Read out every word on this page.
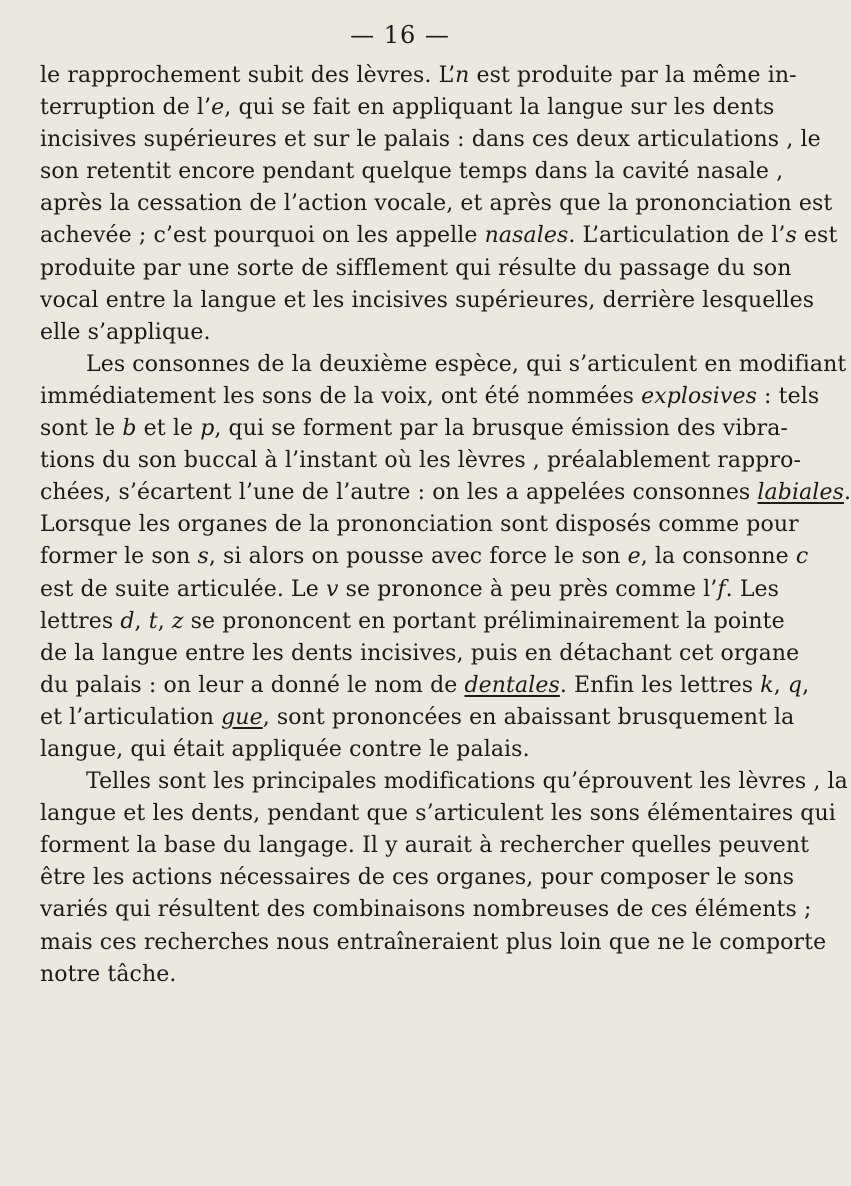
— 16 —
le rapprochement subit des lèvres. L’n est produite par la même in-
terruption de l’e, qui se fait en appliquant la langue sur les dents
incisives supérieures et sur le palais : dans ces deux articulations , le
son retentit encore pendant quelque temps dans la cavité nasale ,
après la cessation de l’action vocale, et après que la prononciation est
achevée ; c’est pourquoi on les appelle nasales. L’articulation de l’s est
produite par une sorte de sifflement qui résulte du passage du son
vocal entre la langue et les incisives supérieures, derrière lesquelles
elle s’applique.
Les consonnes de la deuxième espèce, qui s’articulent en modifiant
immédiatement les sons de la voix, ont été nommées explosives : tels
sont le b et le p, qui se forment par la brusque émission des vibra-
tions du son buccal à l’instant où les lèvres , préalablement rappro-
chées, s’écartent l’une de l’autre : on les a appelées consonnes labiales.
Lorsque les organes de la prononciation sont disposés comme pour
former le son s, si alors on pousse avec force le son e, la consonne c
est de suite articulée. Le v se prononce à peu près comme l’f. Les
lettres d, t, z se prononcent en portant préliminairement la pointe
de la langue entre les dents incisives, puis en détachant cet organe
du palais : on leur a donné le nom de dentales. Enfin les lettres k, q,
et l’articulation gue, sont prononcées en abaissant brusquement la
langue, qui était appliquée contre le palais.
Telles sont les principales modifications qu’éprouvent les lèvres , la
langue et les dents, pendant que s’articulent les sons élémentaires qui
forment la base du langage. Il y aurait à rechercher quelles peuvent
être les actions nécessaires de ces organes, pour composer le sons
variés qui résultent des combinaisons nombreuses de ces éléments ;
mais ces recherches nous entraîneraient plus loin que ne le comporte
notre tâche.
